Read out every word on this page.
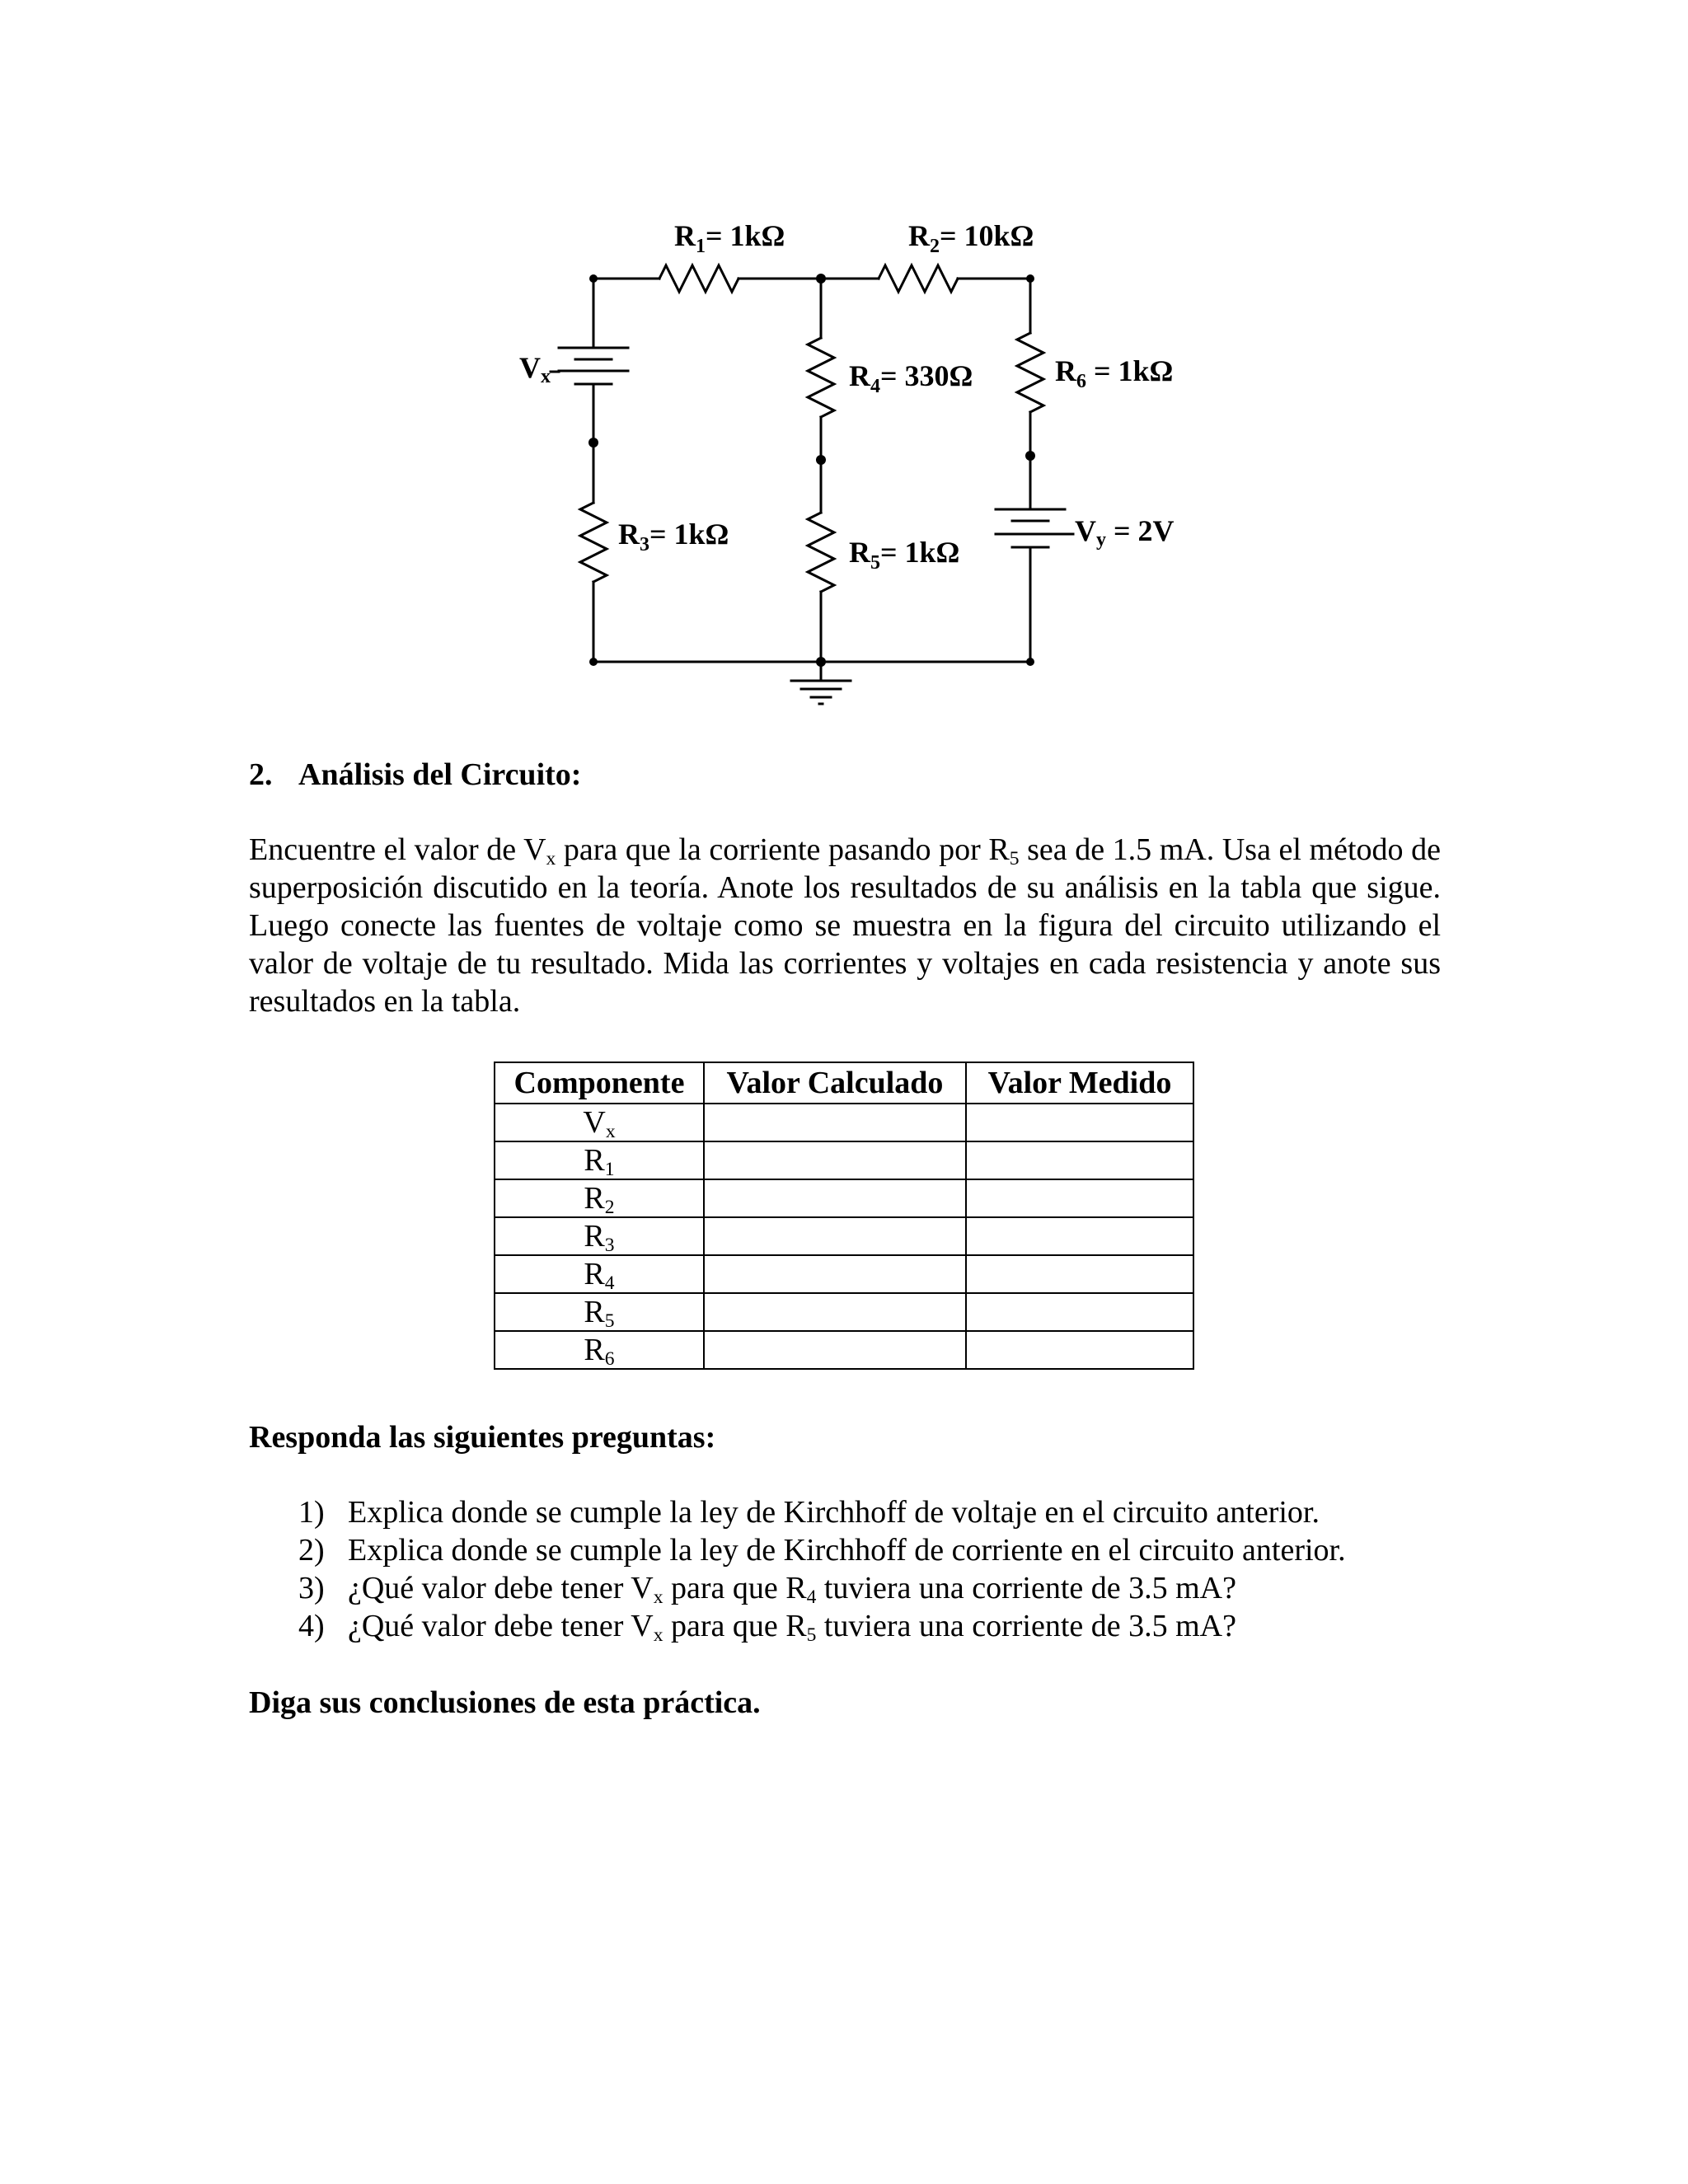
$R_1= 1k\Omega$	$R_2= 10k\Omega$
$R_4= 330\Omega$	$R_6 = 1k\Omega$
$R_3= 1k\Omega$
$R_5= 1k\Omega$
Vx
Vy = 2V
2. Análisis del Circuito:
Encuentre el valor de $V_x$ para que la corriente pasando por $R_5$ sea de 1.5 mA. Usa el método de superposición discutido en la teoría. Anote los resultados de su análisis en la tabla que sigue. Luego conecte las fuentes de voltaje como se muestra en la figura del circuito utilizando el valor de voltaje de tu resultado. Mida las corrientes y voltajes en cada resistencia y anote sus resultados en la tabla.
Componente	Valor Calculado	Valor Medido
$V_x$		
$R_1$		
$R_2$		
$R_3$		
$R_4$		
$R_5$		
$R_6$		
Responda las siguientes preguntas:
1) Explica donde se cumple la ley de Kirchhoff de voltaje en el circuito anterior.
2) Explica donde se cumple la ley de Kirchhoff de corriente en el circuito anterior.
3) ¿Qué valor debe tener $V_x$ para que $R_4$ tuviera una corriente de 3.5 mA?
4) ¿Qué valor debe tener $V_x$ para que $R_5$ tuviera una corriente de 3.5 mA?
Diga sus conclusiones de esta práctica.
